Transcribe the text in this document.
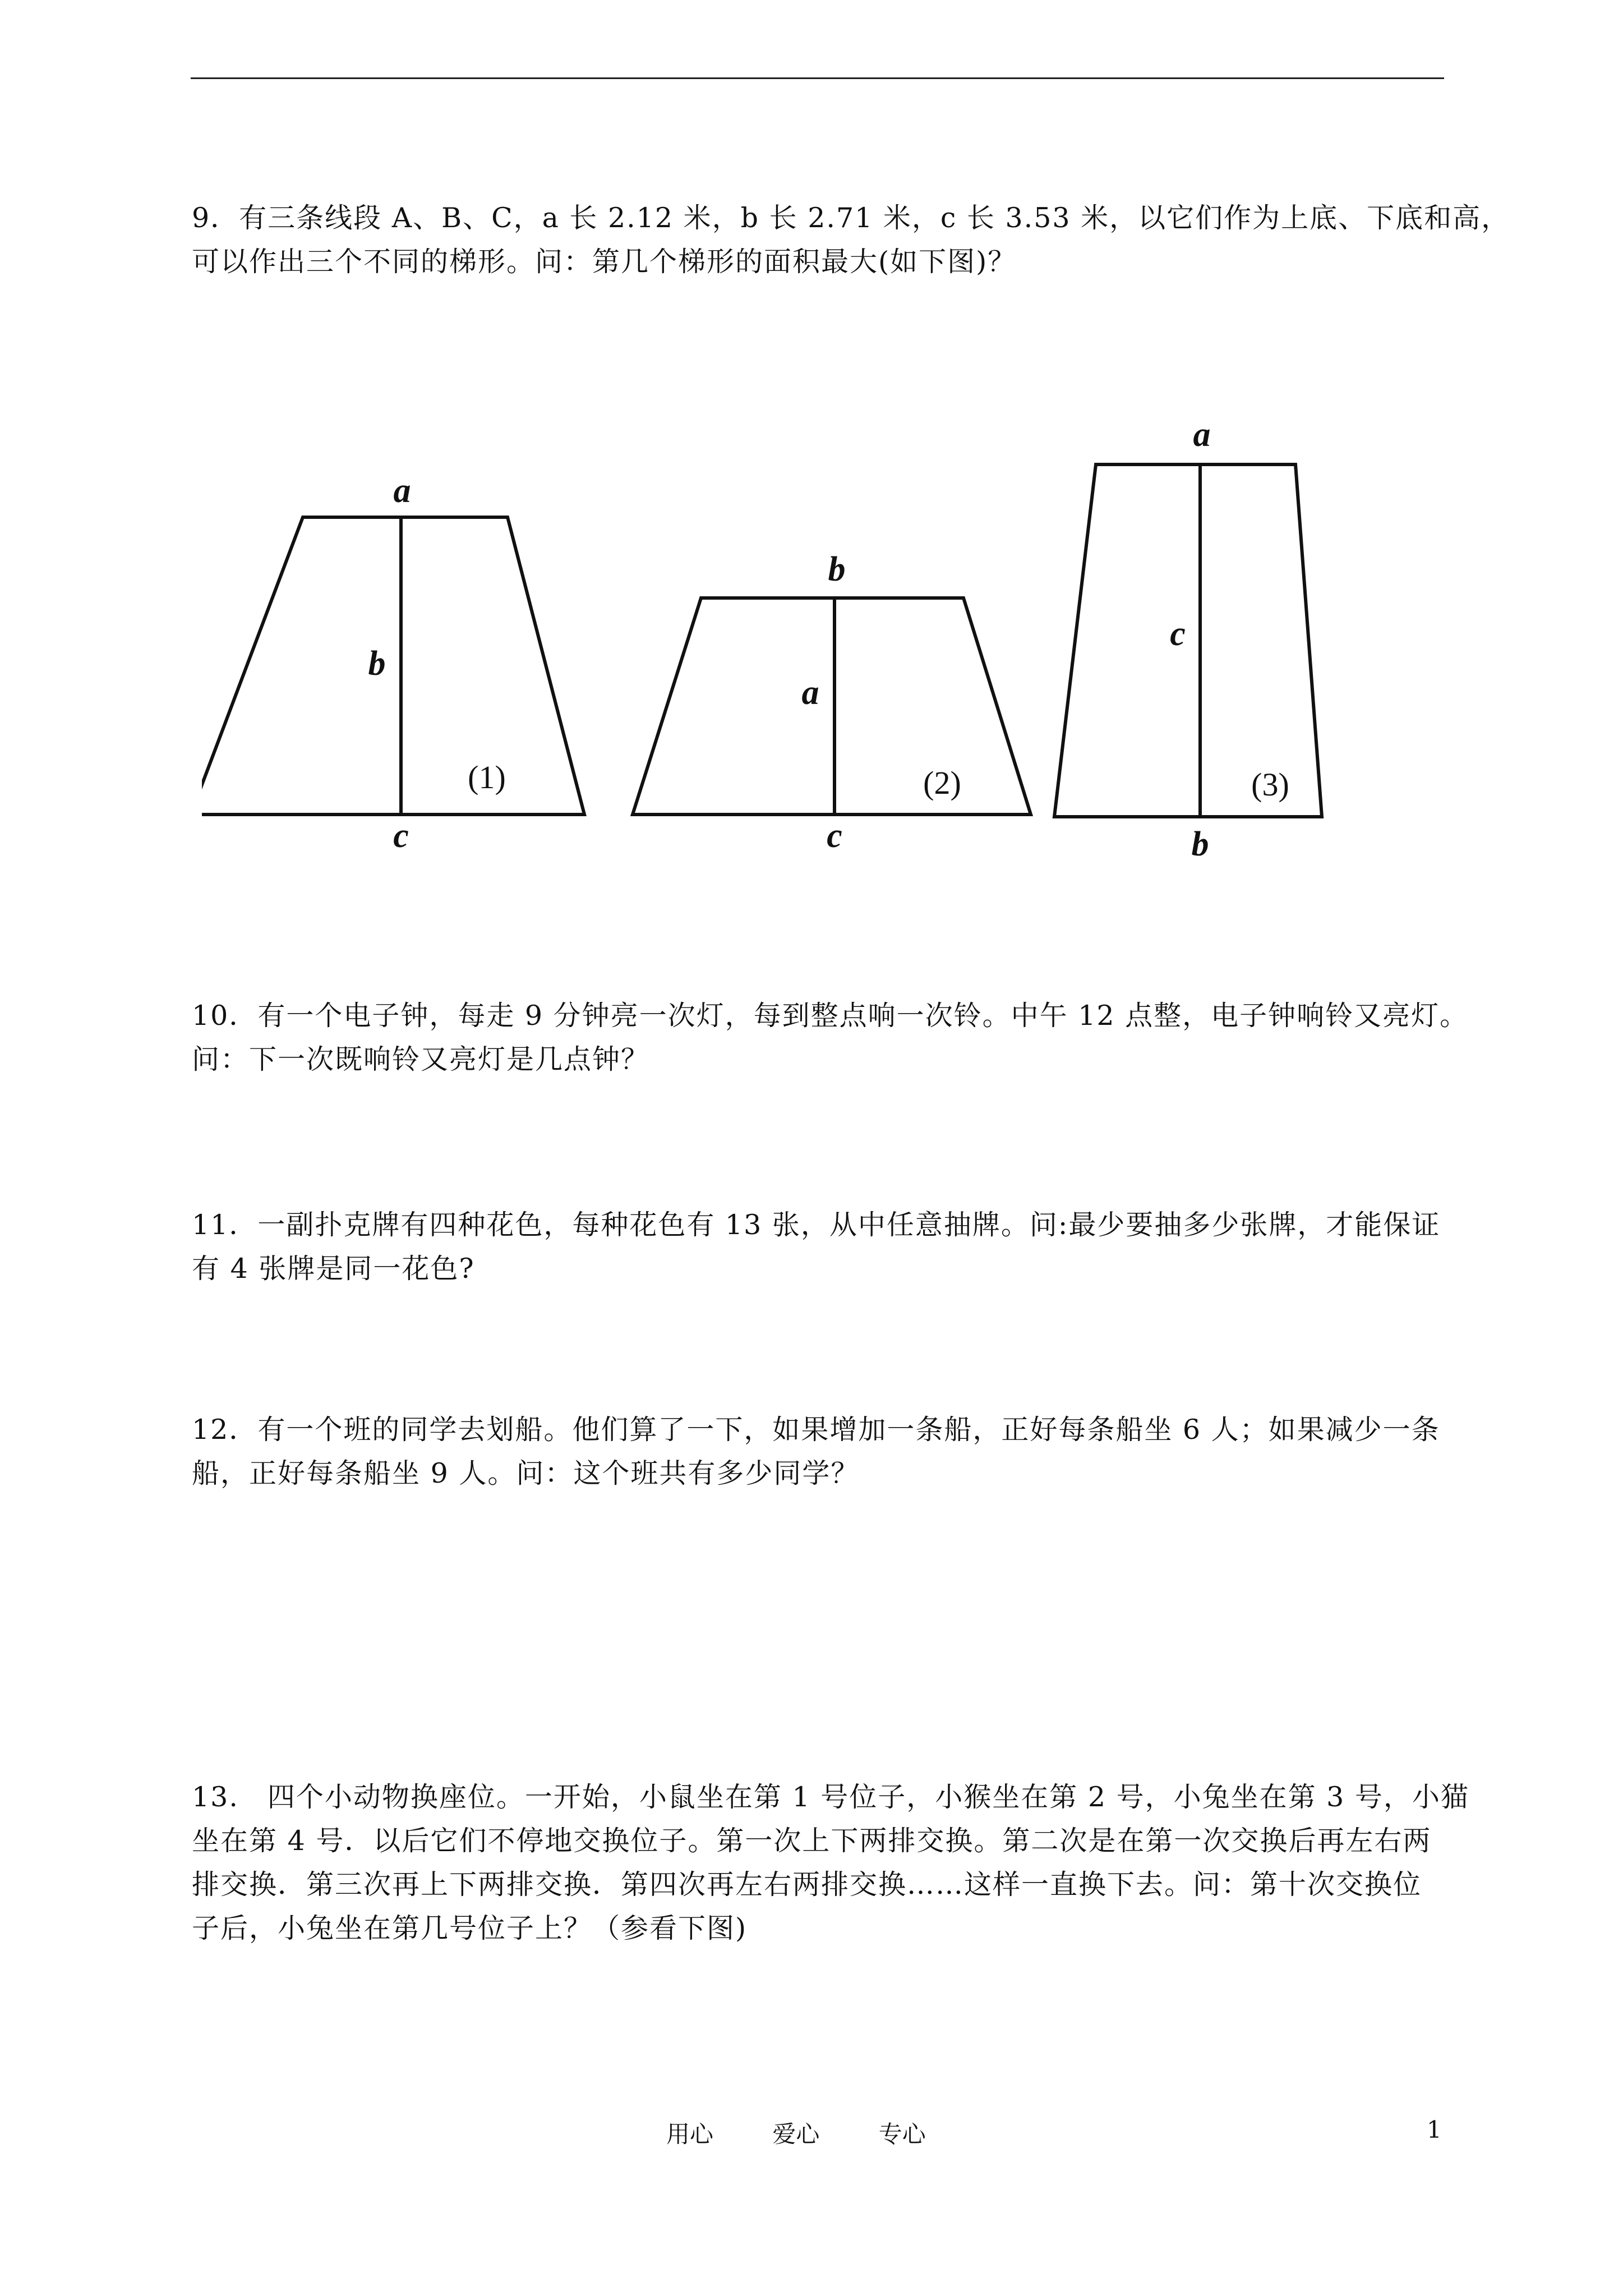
9．有三条线段 A、B、C，a 长 2.12 米，b 长 2.71 米，c 长 3.53 米，以它们作为上底、下底和高，

可以作出三个不同的梯形。问：第几个梯形的面积最大(如下图)？

a
b
c
b
a
c
a
c
b
(1)	(2)	(3)

10．有一个电子钟，每走 9 分钟亮一次灯，每到整点响一次铃。中午 12 点整，电子钟响铃又亮灯。

问：下一次既响铃又亮灯是几点钟？

11．一副扑克牌有四种花色，每种花色有 13 张，从中任意抽牌。问:最少要抽多少张牌，才能保证

有 4 张牌是同一花色?

12．有一个班的同学去划船。他们算了一下，如果增加一条船，正好每条船坐 6 人；如果减少一条

船，正好每条船坐 9 人。问：这个班共有多少同学？

13.　四个小动物换座位。一开始，小鼠坐在第 1 号位子，小猴坐在第 2 号，小兔坐在第 3 号，小猫

坐在第 4 号．以后它们不停地交换位子。第一次上下两排交换。第二次是在第一次交换后再左右两

排交换．第三次再上下两排交换．第四次再左右两排交换……这样一直换下去。问：第十次交换位

子后，小兔坐在第几号位子上？（参看下图)

用心	爱心	专心	1
